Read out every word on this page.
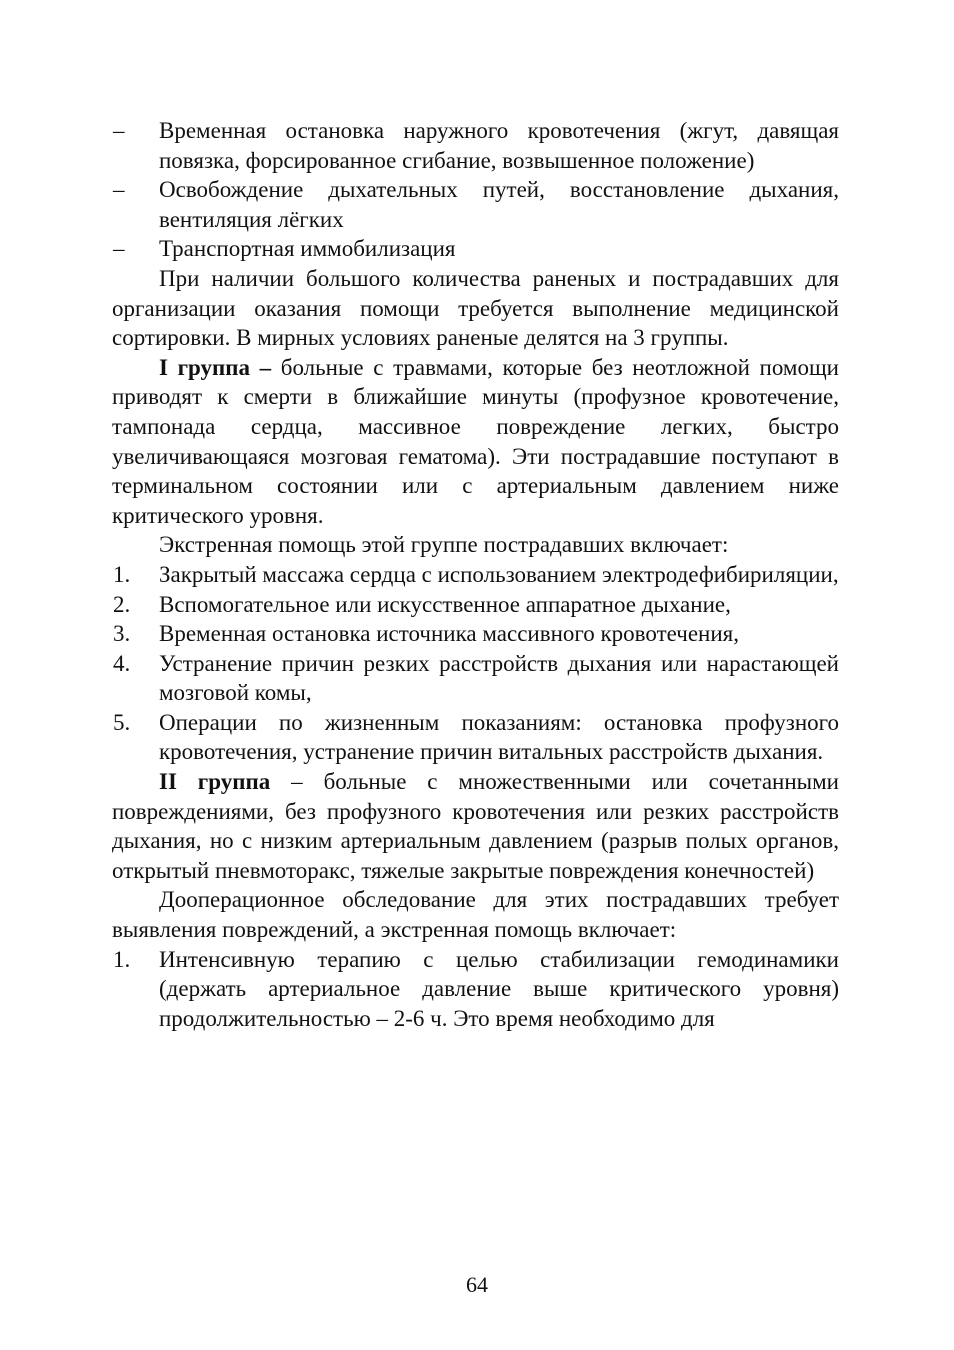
– Временная остановка наружного кровотечения (жгут, давящая повязка, форсированное сгибание, возвышенное положение)
– Освобождение дыхательных путей, восстановление дыхания, вентиляция лёгких
– Транспортная иммобилизация

При наличии большого количества раненых и пострадавших для организации оказания помощи требуется выполнение медицинской сортировки. В мирных условиях раненые делятся на 3 группы.

I группа – больные с травмами, которые без неотложной помощи приводят к смерти в ближайшие минуты (профузное кровотечение, тампонада сердца, массивное повреждение легких, быстро увеличивающаяся мозговая гематома). Эти пострадавшие поступают в терминальном состоянии или с артериальным давлением ниже критического уровня.

Экстренная помощь этой группе пострадавших включает:

1. Закрытый массажа сердца с использованием электродефибириляции,
2. Вспомогательное или искусственное аппаратное дыхание,
3. Временная остановка источника массивного кровотечения,
4. Устранение причин резких расстройств дыхания или нарастающей мозговой комы,
5. Операции по жизненным показаниям: остановка профузного кровотечения, устранение причин витальных расстройств дыхания.

II группа – больные с множественными или сочетанными повреждениями, без профузного кровотечения или резких расстройств дыхания, но с низким артериальным давлением (разрыв полых органов, открытый пневмоторакс, тяжелые закрытые повреждения конечностей)

Дооперационное обследование для этих пострадавших требует выявления повреждений, а экстренная помощь включает:

1. Интенсивную терапию с целью стабилизации гемодинамики (держать артериальное давление выше критического уровня) продолжительностью – 2-6 ч. Это время необходимо для
64
